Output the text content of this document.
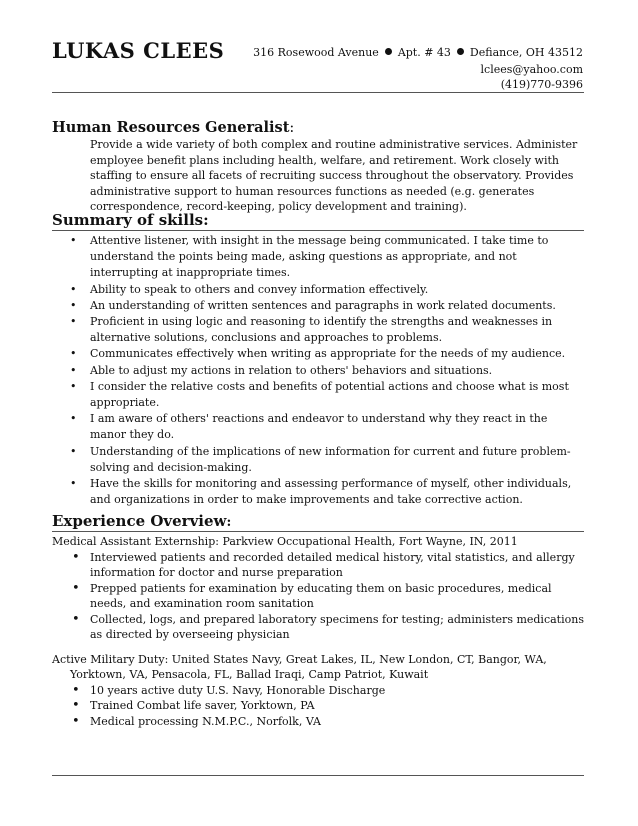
LUKAS CLEES	316 Rosewood Avenue Apt. # 43 Defiance, OH 43512
lclees@yahoo.com
(419)770-9396
Human Resources Generalist:
Provide a wide variety of both complex and routine administrative services. Administer employee benefit plans including health, welfare, and retirement. Work closely with staffing to ensure all facets of recruiting success throughout the observatory. Provides administrative support to human resources functions as needed (e.g. generates correspondence, record-keeping, policy development and training).
Summary of skills:
• Attentive listener, with insight in the message being communicated. I take time to understand the points being made, asking questions as appropriate, and not interrupting at inappropriate times.
• Ability to speak to others and convey information effectively.
• An understanding of written sentences and paragraphs in work related documents.
• Proficient in using logic and reasoning to identify the strengths and weaknesses in alternative solutions, conclusions and approaches to problems.
• Communicates effectively when writing as appropriate for the needs of my audience.
• Able to adjust my actions in relation to others' behaviors and situations.
• I consider the relative costs and benefits of potential actions and choose what is most appropriate.
• I am aware of others' reactions and endeavor to understand why they react in the manor they do.
• Understanding of the implications of new information for current and future problem-solving and decision-making.
• Have the skills for monitoring and assessing performance of myself, other individuals, and organizations in order to make improvements and take corrective action.
Experience Overview:
Medical Assistant Externship: Parkview Occupational Health, Fort Wayne, IN, 2011
• Interviewed patients and recorded detailed medical history, vital statistics, and allergy information for doctor and nurse preparation
• Prepped patients for examination by educating them on basic procedures, medical needs, and examination room sanitation
• Collected, logs, and prepared laboratory specimens for testing; administers medications as directed by overseeing physician
Active Military Duty: United States Navy, Great Lakes, IL, New London, CT, Bangor, WA, Yorktown, VA, Pensacola, FL, Ballad Iraqi, Camp Patriot, Kuwait
• 10 years active duty U.S. Navy, Honorable Discharge
• Trained Combat life saver, Yorktown, PA
• Medical processing N.M.P.C., Norfolk, VA
